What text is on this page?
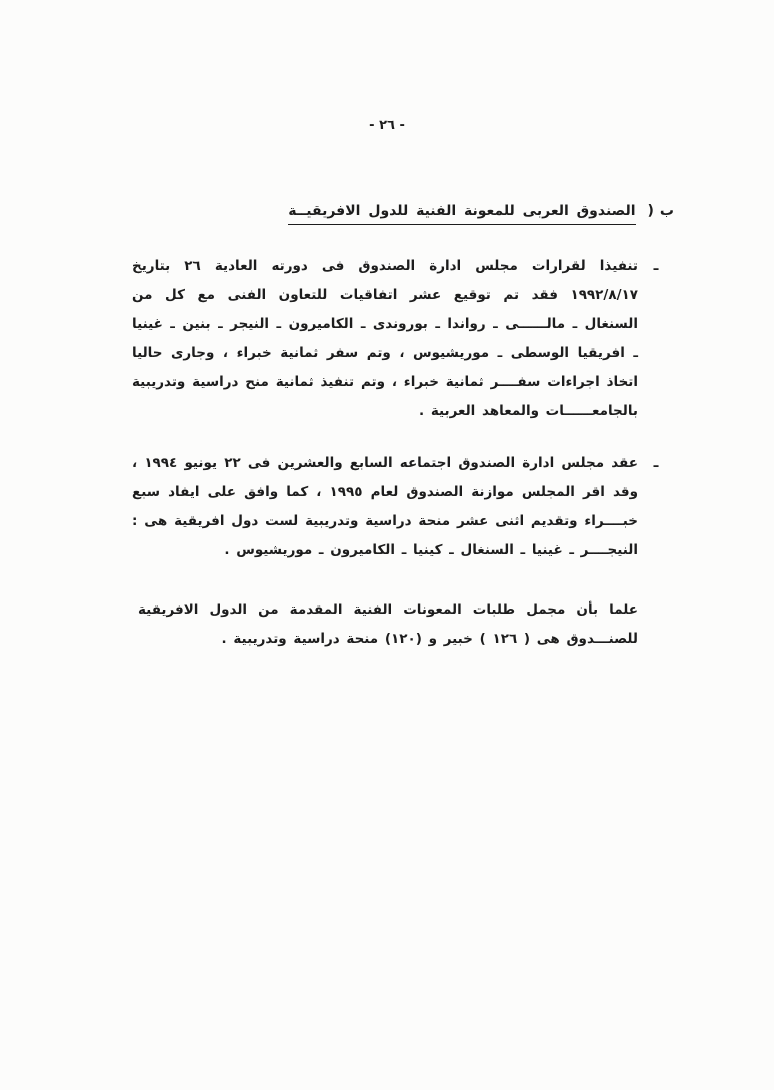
- ٢٦ -
ب)الصندوق العربى للمعونة الفنية للدول الافريقيــة
ـ

تنفيذا لقرارات مجلس ادارة الصندوق فى دورته العادية ٢٦ بتاريخ ١٩٩٢/٨/١٧ فقد تم توقيع عشر اتفاقيات للتعاون الفنى مع كل من السنغال ـ مالــــــى ـ رواندا ـ بوروندى ـ الكاميرون ـ النيجر ـ بنين ـ غينيا ـ افريقيا الوسطى ـ موريشيوس ، وتم سفر ثمانية خبراء ، وجارى حاليا اتخاذ اجراءات سفــــر ثمانية خبراء ، وتم تنفيذ ثمانية منح دراسية وتدريبية بالجامعــــــات والمعاهد العربية .

ـ

عقد مجلس ادارة الصندوق اجتماعه السابع والعشرين فى ٢٢ يونيو ١٩٩٤ ، وقد اقر المجلس موازنة الصندوق لعام ١٩٩٥ ، كما وافق على ايفاد سبع خبــــراء وتقديم اثنى عشر منحة دراسية وتدريبية لست دول افريقية هى : النيجــــر ـ غينيا ـ السنغال ـ كينيا ـ الكاميرون ـ موريشيوس .

علما بأن مجمل طلبات المعونات الفنية المقدمة من الدول الافريقية للصنـــدوق هى ( ١٢٦ ) خبير و (١٢٠) منحة دراسية وتدريبية .
